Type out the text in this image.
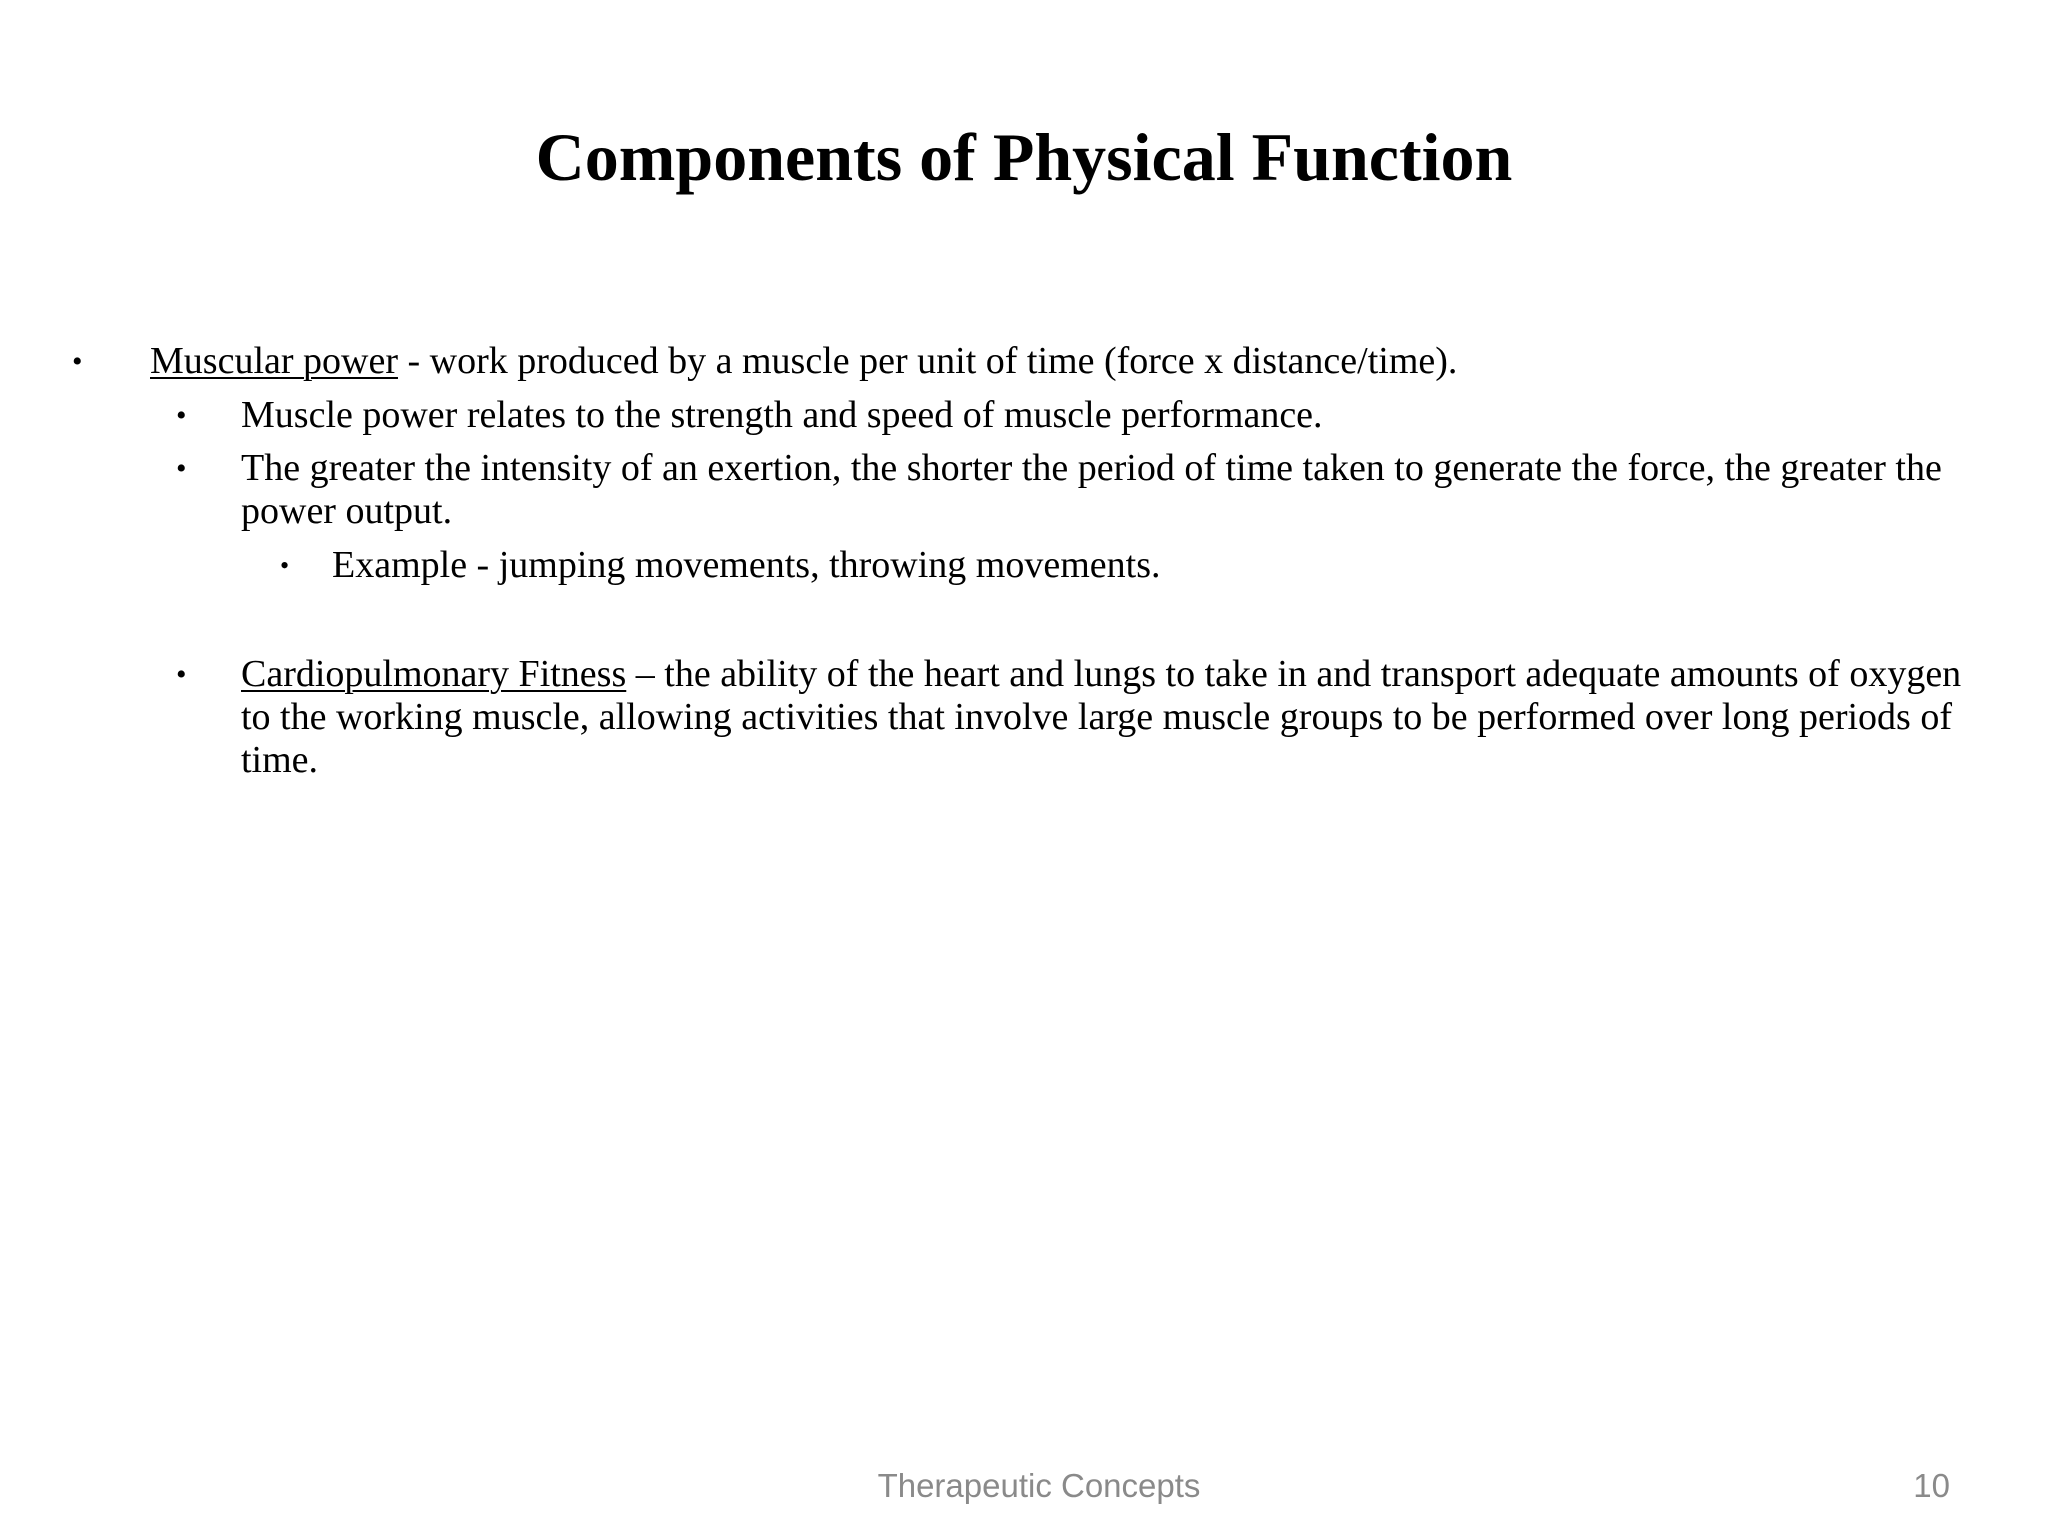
Components of Physical Function
• Muscular power - work produced by a muscle per unit of time (force x distance/time).
• Muscle power relates to the strength and speed of muscle performance.
• The greater the intensity of an exertion, the shorter the period of time taken to generate the force, the greater the power output.
• Example - jumping movements, throwing movements.
• Cardiopulmonary Fitness – the ability of the heart and lungs to take in and transport adequate amounts of oxygen to the working muscle, allowing activities that involve large muscle groups to be performed over long periods of time.
Therapeutic Concepts	10
